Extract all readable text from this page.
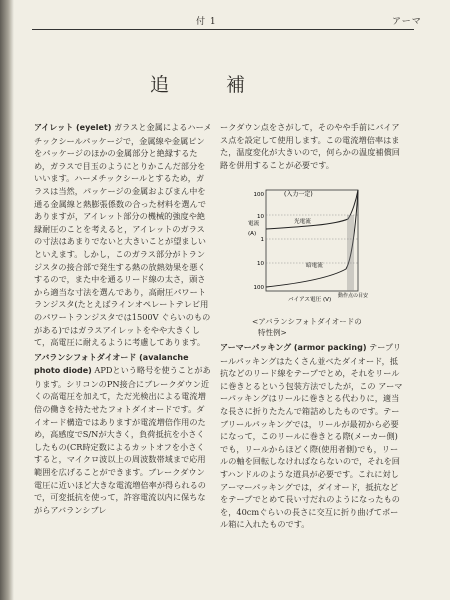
付 1	アーマ
追	補

アイレット (eyelet) ガラスと金属によるハーメチックシールパッケージで，金属線や金属ピンをパッケージのほかの金属部分と絶縁するため，ガラスで目玉のようにとりかこんだ部分をいいます。ハーメチックシールとするため，ガラスは当然，パッケージの金属およびまん中を通る金属線と熱膨張係数の合った材料を選んでありますが，アイレット部分の機械的強度や絶縁耐圧のことを考えると，アイレットのガラスの寸法はあまりでないと大きいことが望ましいといえます。しかし，このガラス部分がトランジスタの接合部で発生する熱の放熱効果を悪くするので，また中を通るリード線の太さ，頭さから適当な寸法を選んであり，高耐圧パワートランジスタ(たとえばラインオペレートテレビ用のパワートランジスタでは1500V ぐらいのものがある)ではガラスアイレットをやや大きくして，高電圧に耐えるように考慮してあります。

アバランシフォトダイオード (avalanche photo diode) APDという略号を使うことがあります。シリコンのPN接合にブレークダウン近くの高電圧を加えて，ただ光検出による電流増倍の働きを持たせたフォトダイオードです。ダイオード構造ではありますが電流増倍作用のため，高感度でS/Nが大きく，負荷抵抗を小さくしたもの(CR時定数によるカットオフを小さくすると，マイクロ波以上の周波数帯域まで応用範囲を広げることができます。ブレークダウン電圧に近いほど大きな電流増倍率が得られるので，可変抵抗を使って，許容電流以内に保ちながらアバランシブレ

ークダウン点をさがして，そのやや手前にバイアス点を設定して使用します。この電流増倍率はまた，温度変化が大きいので，何らかの温度補償回路を併用することが必要です。

(入力一定)
電流
(A)
100
10
1
10
100
光電流
暗電流
バイアス電圧 (V)
動作点の目安
<アバランシフォトダイオードの
特性例>

アーマーパッキング (armor packing) テープリールパッキングはたくさん並べたダイオード，抵抗などのリード線をテープでとめ，それをリールに巻きとるという包装方法でしたが，この アーマーパッキングはリールに巻きとる代わりに，適当な長さに折りたたんで箱詰めしたものです。テーブリールパッキングでは，リールが最初から必要になって，このリールに巻きとる際(メーカー側)でも，リールからほどく際(使用者側)でも，リールの軸を回転しなければならないので，それを回すハンドルのような道具が必要です。これに対しアーマーパッキングでは，ダイオード，抵抗などをテープでとめて長い寸だれのようになったものを，40cmぐらいの長さに交互に折り曲げてボール箱に入れたものです。
